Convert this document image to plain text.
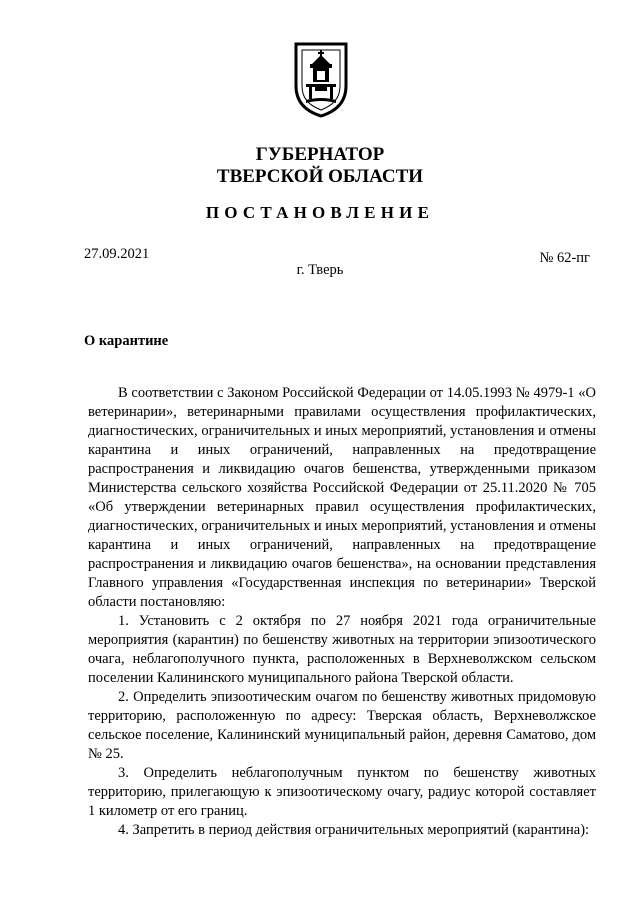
ГУБЕРНАТОР
ТВЕРСКОЙ ОБЛАСТИ
ПОСТАНОВЛЕНИЕ
27.09.2021	№ 62-пг
г. Тверь
О карантине

В соответствии с Законом Российской Федерации от 14.05.1993 № 4979-1 «О ветеринарии», ветеринарными правилами осуществления профилактических, диагностических, ограничительных и иных мероприятий, установления и отмены карантина и иных ограничений, направленных на предотвращение распространения и ликвидацию очагов бешенства, утвержденными приказом Министерства сельского хозяйства Российской Федерации от 25.11.2020 № 705 «Об утверждении ветеринарных правил осуществления профилактических, диагностических, ограничительных и иных мероприятий, установления и отмены карантина и иных ограничений, направленных на предотвращение распространения и ликвидацию очагов бешенства», на основании представления Главного управления «Государственная инспекция по ветеринарии» Тверской области постановляю:

1. Установить с 2 октября по 27 ноября 2021 года ограничительные мероприятия (карантин) по бешенству животных на территории эпизоотического очага, неблагополучного пункта, расположенных в Верхневолжском сельском поселении Калининского муниципального района Тверской области.

2. Определить эпизоотическим очагом по бешенству животных придомовую территорию, расположенную по адресу: Тверская область, Верхневолжское сельское поселение, Калининский муниципальный район, деревня Саматово, дом № 25.

3. Определить неблагополучным пунктом по бешенству животных территорию, прилегающую к эпизоотическому очагу, радиус которой составляет 1 километр от его границ.

4. Запретить в период действия ограничительных мероприятий (карантина):
